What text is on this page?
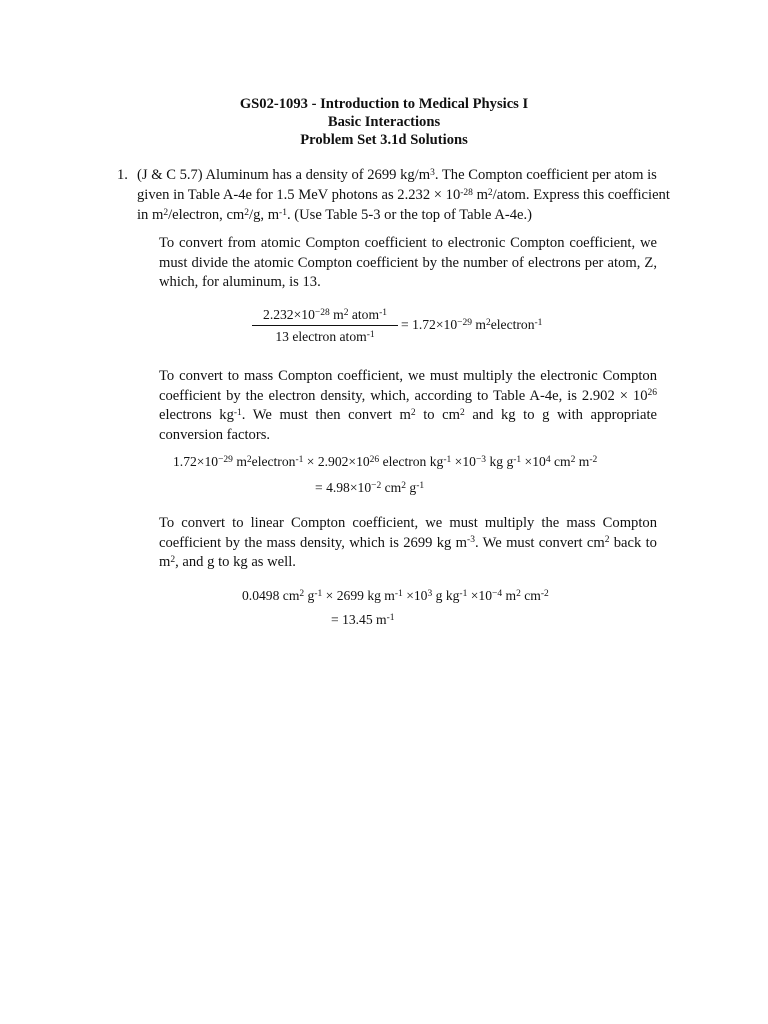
GS02-1093 - Introduction to Medical Physics I
Basic Interactions
Problem Set 3.1d Solutions
1. (J & C 5.7) Aluminum has a density of 2699 $kg/m^3$. The Compton coefficient per atom is given in Table A-4e for 1.5 MeV photons as $2.232 \times 10^{-28}$ $m^2$/atom. Express this coefficient in $m^2$/electron, $cm^2/g$, $m^{-1}$. (Use Table 5-3 or the top of Table A-4e.)
To convert from atomic Compton coefficient to electronic Compton coefficient, we must divide the atomic Compton coefficient by the number of electrons per atom, Z, which, for aluminum, is 13.
$2.232\times 10^{-28}$ $m^2$ atom$^{-1}$
13 electron atom$^{-1}$
= $1.72\times 10^{-29}$ $m^2electron^{-1}$
To convert to mass Compton coefficient, we must multiply the electronic Compton coefficient by the electron density, which, according to Table A-4e, is $2.902 \times 10^{26}$ electrons $kg^{-1}$. We must then convert $m^2$ to $cm^2$ and kg to g with appropriate conversion factors.
$1.72\times 10^{-29}$ $m^2electron^{-1} \times 2.902\times 10^{26}$ electron $kg^{-1} \times 10^{-3}$ kg $g^{-1} \times 10^4$ $cm^2$ $m^{-2}$
= $4.98\times 10^{-2}$ $cm^2$ $g^{-1}$
To convert to linear Compton coefficient, we must multiply the mass Compton coefficient by the mass density, which is 2699 kg $m^{-3}$. We must convert $cm^2$ back to $m^2$, and g to kg as well.
0.0498 $cm^2$ $g^{-1} \times 2699$ kg $m^{-1} \times 10^3$ g $kg^{-1} \times 10^{-4}$ $m^2$ $cm^{-2}$
= 13.45 $m^{-1}$
